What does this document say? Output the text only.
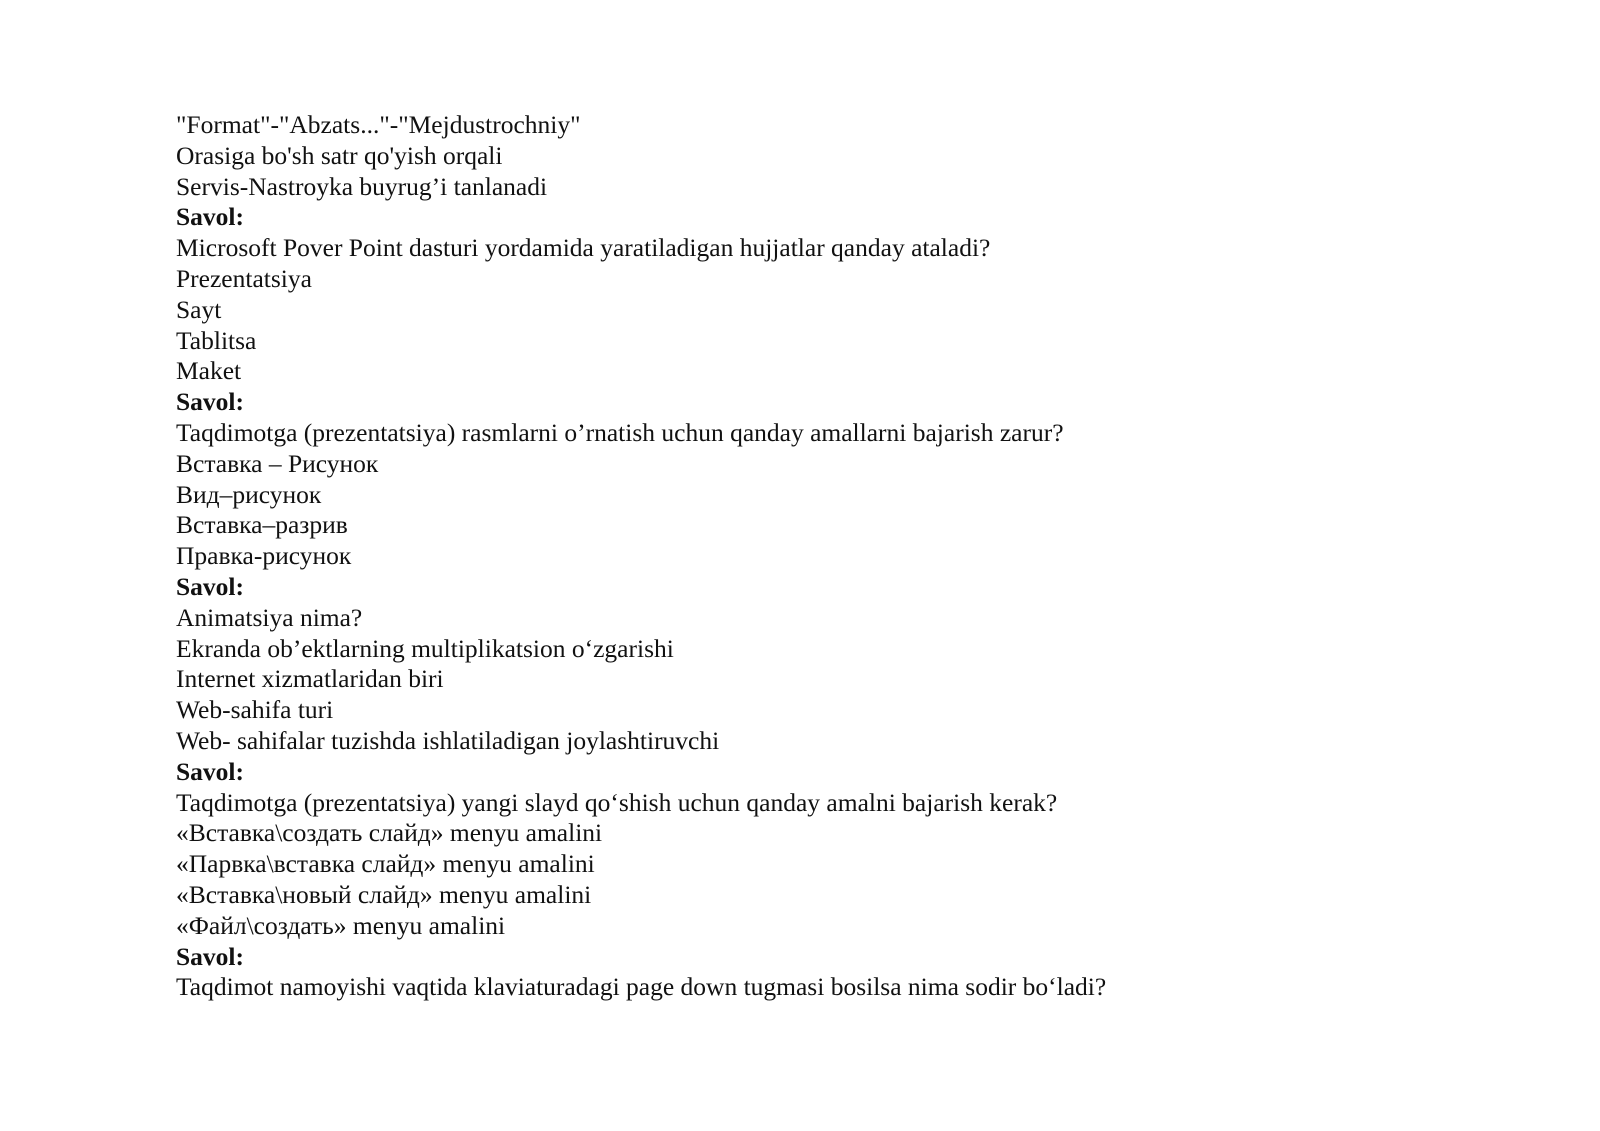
"Format"-"Abzats..."-"Mejdustrochniy"
Orasiga bo'sh satr qo'yish orqali
Servis-Nastroyka buyrug’i tanlanadi
Savol:
Microsoft Pover Point dasturi yordamida yaratiladigan hujjatlar qanday ataladi?
Prezentatsiya
Sayt
Tablitsa
Maket
Savol:
Taqdimotga (prezentatsiya) rasmlarni o’rnatish uchun qanday amallarni bajarish zarur?
Вставка – Рисунок
Вид–рисунок
Вставка–разрив
Правка-рисунок
Savol:
Animatsiya nima?
Ekranda ob’ektlarning multiplikatsion o‘zgarishi
Internet xizmatlaridan biri
Web-sahifa turi
Web- sahifalar tuzishda ishlatiladigan joylashtiruvchi
Savol:
Taqdimotga (prezentatsiya) yangi slayd qo‘shish uchun qanday amalni bajarish kerak?
«Вставка\создать слайд» menyu amalini
«Парвка\вставка слайд» menyu amalini
«Вставка\новый слайд» menyu amalini
«Файл\создать» menyu amalini
Savol:
Taqdimot namoyishi vaqtida klaviaturadagi page down tugmasi bosilsa nima sodir bo‘ladi?
